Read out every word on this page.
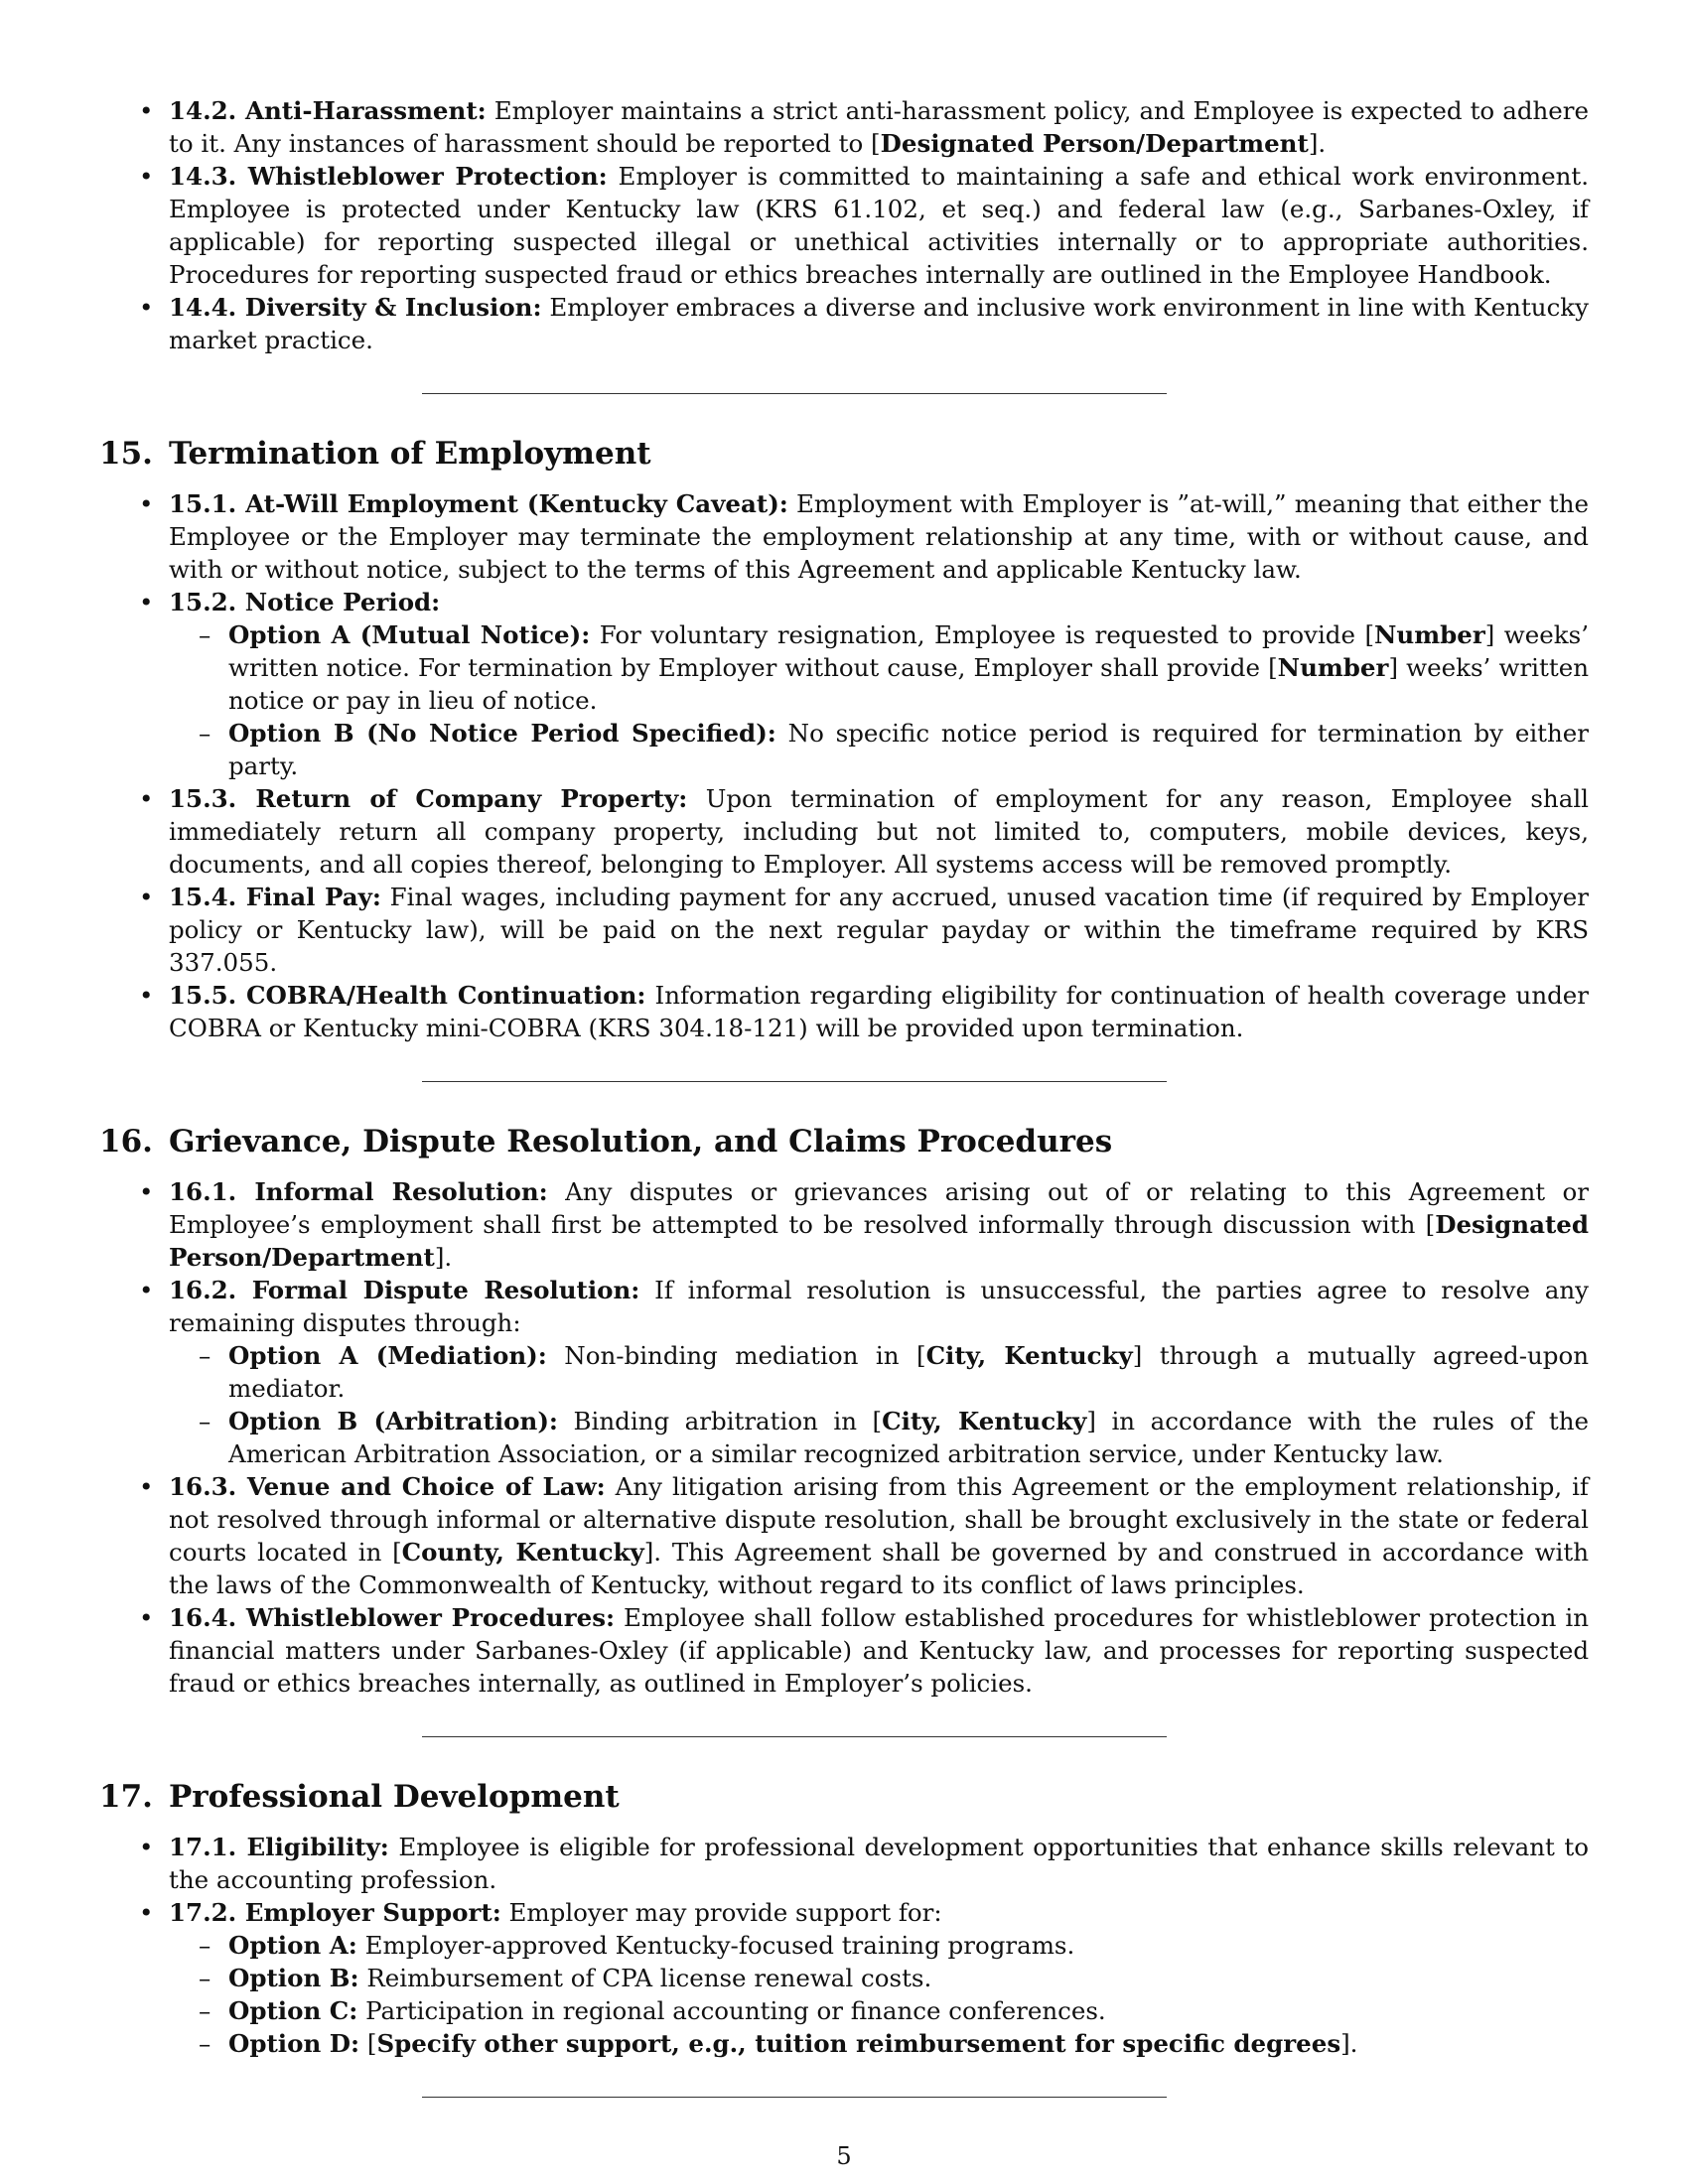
• 14.2. Anti-Harassment: Employer maintains a strict anti-harassment policy, and Employee is expected to adhere to it. Any instances of harassment should be reported to [Designated Person/Department].
• 14.3. Whistleblower Protection: Employer is committed to maintaining a safe and ethical work environment. Employee is protected under Kentucky law (KRS 61.102, et seq.) and federal law (e.g., Sarbanes-Oxley, if applicable) for reporting suspected illegal or unethical activities internally or to appropriate authorities. Procedures for reporting suspected fraud or ethics breaches internally are outlined in the Employee Handbook.
• 14.4. Diversity & Inclusion: Employer embraces a diverse and inclusive work environment in line with Kentucky market practice.
15. Termination of Employment
• 15.1. At-Will Employment (Kentucky Caveat): Employment with Employer is ”at-will,” meaning that either the Employee or the Employer may terminate the employment relationship at any time, with or without cause, and with or without notice, subject to the terms of this Agreement and applicable Kentucky law.
• 15.2. Notice Period:
– Option A (Mutual Notice): For voluntary resignation, Employee is requested to provide [Number] weeks’ written notice. For termination by Employer without cause, Employer shall provide [Number] weeks’ written notice or pay in lieu of notice.
– Option B (No Notice Period Specified): No specific notice period is required for termination by either party.
• 15.3. Return of Company Property: Upon termination of employment for any reason, Employee shall immediately return all company property, including but not limited to, computers, mobile devices, keys, documents, and all copies thereof, belonging to Employer. All systems access will be removed promptly.
• 15.4. Final Pay: Final wages, including payment for any accrued, unused vacation time (if required by Employer policy or Kentucky law), will be paid on the next regular payday or within the timeframe required by KRS 337.055.
• 15.5. COBRA/Health Continuation: Information regarding eligibility for continuation of health coverage under COBRA or Kentucky mini-COBRA (KRS 304.18-121) will be provided upon termination.
16. Grievance, Dispute Resolution, and Claims Procedures
• 16.1. Informal Resolution: Any disputes or grievances arising out of or relating to this Agreement or Employee’s employment shall first be attempted to be resolved informally through discussion with [Designated Person/Department].
• 16.2. Formal Dispute Resolution: If informal resolution is unsuccessful, the parties agree to resolve any remaining disputes through:
– Option A (Mediation): Non-binding mediation in [City, Kentucky] through a mutually agreed-upon mediator.
– Option B (Arbitration): Binding arbitration in [City, Kentucky] in accordance with the rules of the American Arbitration Association, or a similar recognized arbitration service, under Kentucky law.
• 16.3. Venue and Choice of Law: Any litigation arising from this Agreement or the employment relationship, if not resolved through informal or alternative dispute resolution, shall be brought exclusively in the state or federal courts located in [County, Kentucky]. This Agreement shall be governed by and construed in accordance with the laws of the Commonwealth of Kentucky, without regard to its conflict of laws principles.
• 16.4. Whistleblower Procedures: Employee shall follow established procedures for whistleblower protection in financial matters under Sarbanes-Oxley (if applicable) and Kentucky law, and processes for reporting suspected fraud or ethics breaches internally, as outlined in Employer’s policies.
17. Professional Development
• 17.1. Eligibility: Employee is eligible for professional development opportunities that enhance skills relevant to the accounting profession.
• 17.2. Employer Support: Employer may provide support for:
– Option A: Employer-approved Kentucky-focused training programs.
– Option B: Reimbursement of CPA license renewal costs.
– Option C: Participation in regional accounting or finance conferences.
– Option D: [Specify other support, e.g., tuition reimbursement for specific degrees].
5
